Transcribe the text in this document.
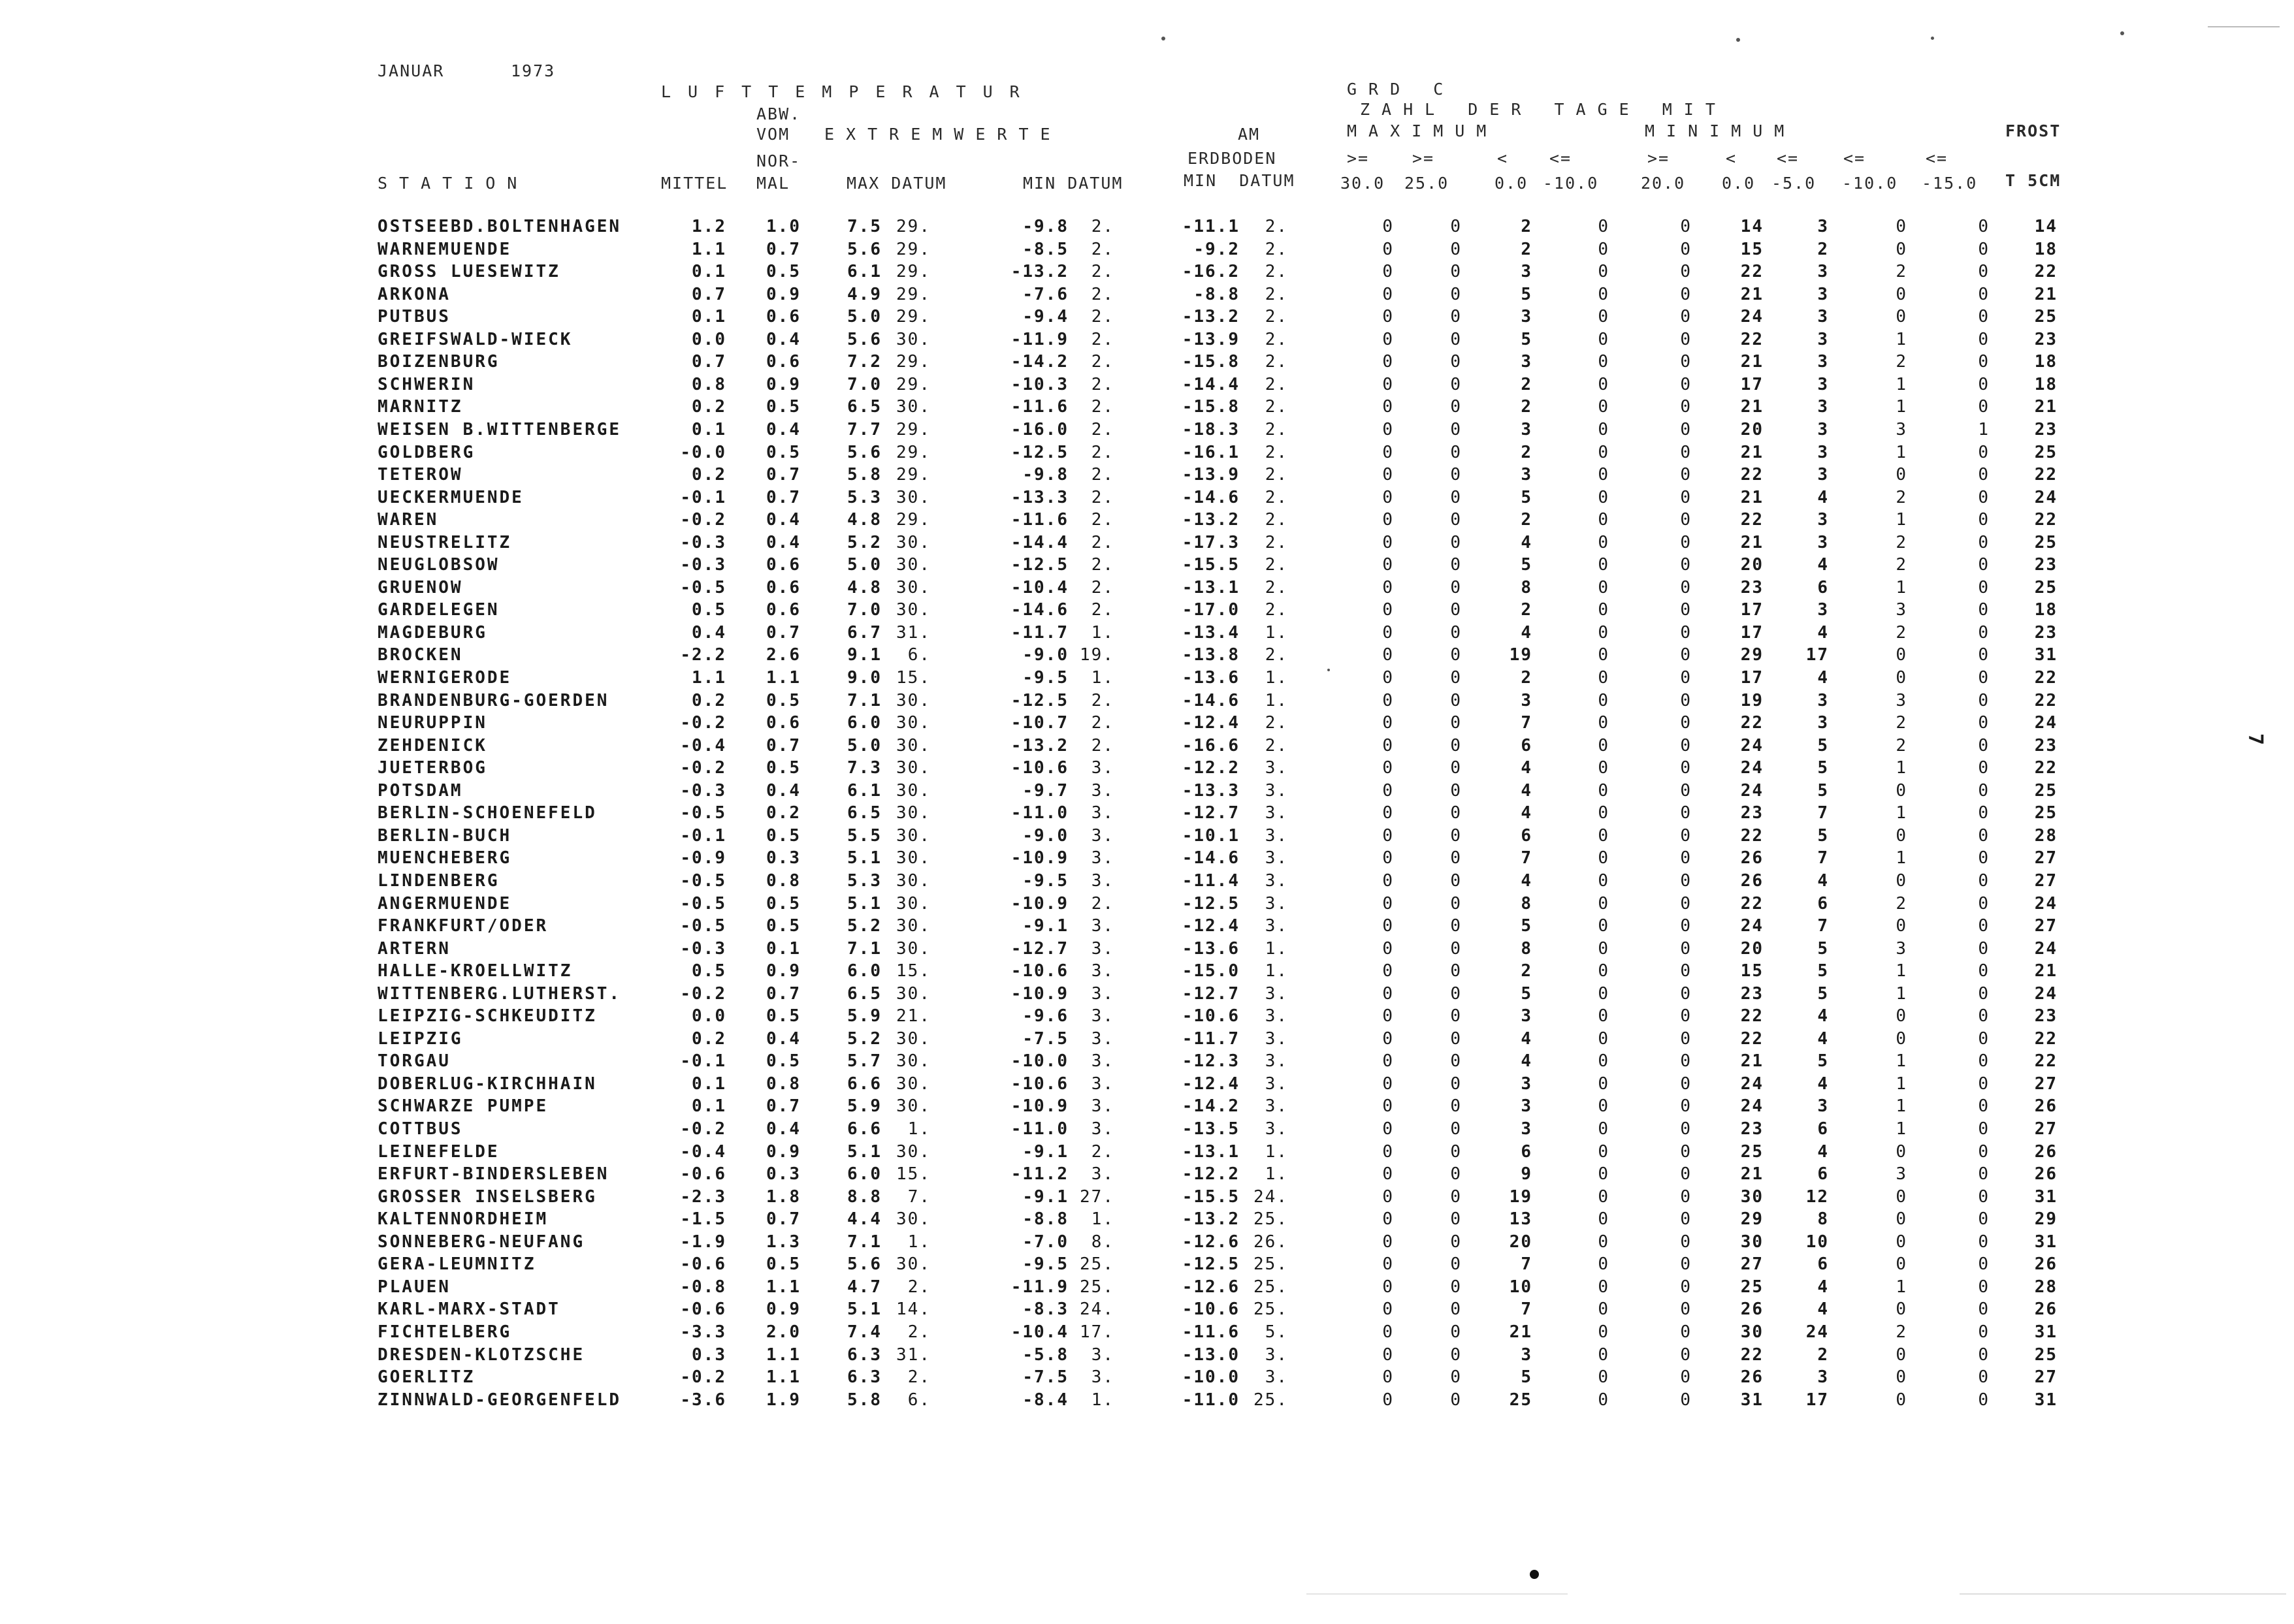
JANUAR	1973
LUFTTEMPERATUR	GRD C
ABW.	ZAHL DER TAGE MIT
VOM EXTREMWERTE	AM	MAXIMUM	MINIMUM	FROST
NOR-	ERDBODEN	>=	>=	<	<=	>=	< <=	<=	<=
STATION	MITTEL MAL	MAX DATUM	MIN DATUM	MIN  DATUM	30.0 25.0	0.0 -10.0	20.0 0.0 -5.0 -10.0 -15.0 T 5CM
OSTSEEBD.BOLTENHAGEN	1.2 1.0	7.5 29.	-9.8 2.	-11.1 2.	0	0	2	0	0	14	3	0	0	14
WARNEMUENDE	1.1 0.7	5.6 29.	-8.5 2.	-9.2 2.	0	0	2	0	0	15	2	0	0	18
GROSS LUESEWITZ	0.1 0.5	6.1 29.	-13.2 2.	-16.2 2.	0	0	3	0	0	22	3	2	0	22
ARKONA	0.7 0.9	4.9 29.	-7.6 2.	-8.8 2.	0	0	5	0	0	21	3	0	0	21
PUTBUS	0.1 0.6	5.0 29.	-9.4 2.	-13.2 2.	0	0	3	0	0	24	3	0	0	25
GREIFSWALD-WIECK	0.0 0.4	5.6 30.	-11.9 2.	-13.9 2.	0	0	5	0	0	22	3	1	0	23
BOIZENBURG	0.7 0.6	7.2 29.	-14.2 2.	-15.8 2.	0	0	3	0	0	21	3	2	0	18
SCHWERIN	0.8 0.9	7.0 29.	-10.3 2.	-14.4 2.	0	0	2	0	0	17	3	1	0	18
MARNITZ	0.2 0.5	6.5 30.	-11.6 2.	-15.8 2.	0	0	2	0	0	21	3	1	0	21
WEISEN B.WITTENBERGE	0.1 0.4	7.7 29.	-16.0 2.	-18.3 2.	0	0	3	0	0	20	3	3	1	23
GOLDBERG	-0.0 0.5	5.6 29.	-12.5 2.	-16.1 2.	0	0	2	0	0	21	3	1	0	25
TETEROW	0.2 0.7	5.8 29.	-9.8 2.	-13.9 2.	0	0	3	0	0	22	3	0	0	22
UECKERMUENDE	-0.1 0.7	5.3 30.	-13.3 2.	-14.6 2.	0	0	5	0	0	21	4	2	0	24
WAREN	-0.2 0.4	4.8 29.	-11.6 2.	-13.2 2.	0	0	2	0	0	22	3	1	0	22
NEUSTRELITZ	-0.3 0.4	5.2 30.	-14.4 2.	-17.3 2.	0	0	4	0	0	21	3	2	0	25
NEUGLOBSOW	-0.3 0.6	5.0 30.	-12.5 2.	-15.5 2.	0	0	5	0	0	20	4	2	0	23
GRUENOW	-0.5 0.6	4.8 30.	-10.4 2.	-13.1 2.	0	0	8	0	0	23	6	1	0	25
GARDELEGEN	0.5 0.6	7.0 30.	-14.6 2.	-17.0 2.	0	0	2	0	0	17	3	3	0	18
MAGDEBURG	0.4 0.7	6.7 31.	-11.7 1.	-13.4 1.	0	0	4	0	0	17	4	2	0	23
BROCKEN	-2.2 2.6	9.1 6.	-9.0 19.	-13.8 2.	0	0	19	0	0	29 17	0	0	31
WERNIGERODE	1.1 1.1	9.0 15.	-9.5 1.	-13.6 1.	0	0	2	0	0	17	4	0	0	22
BRANDENBURG-GOERDEN	0.2 0.5	7.1 30.	-12.5 2.	-14.6 1.	0	0	3	0	0	19	3	3	0	22
NEURUPPIN	-0.2 0.6	6.0 30.	-10.7 2.	-12.4 2.	0	0	7	0	0	22	3	2	0	24
ZEHDENICK	-0.4 0.7	5.0 30.	-13.2 2.	-16.6 2.	0	0	6	0	0	24	5	2	0	23
JUETERBOG	-0.2 0.5	7.3 30.	-10.6 3.	-12.2 3.	0	0	4	0	0	24	5	1	0	22
POTSDAM	-0.3 0.4	6.1 30.	-9.7 3.	-13.3 3.	0	0	4	0	0	24	5	0	0	25
BERLIN-SCHOENEFELD	-0.5 0.2	6.5 30.	-11.0 3.	-12.7 3.	0	0	4	0	0	23	7	1	0	25
BERLIN-BUCH	-0.1 0.5	5.5 30.	-9.0 3.	-10.1 3.	0	0	6	0	0	22	5	0	0	28
MUENCHEBERG	-0.9 0.3	5.1 30.	-10.9 3.	-14.6 3.	0	0	7	0	0	26	7	1	0	27
LINDENBERG	-0.5 0.8	5.3 30.	-9.5 3.	-11.4 3.	0	0	4	0	0	26	4	0	0	27
ANGERMUENDE	-0.5 0.5	5.1 30.	-10.9 2.	-12.5 3.	0	0	8	0	0	22	6	2	0	24
FRANKFURT/ODER	-0.5 0.5	5.2 30.	-9.1 3.	-12.4 3.	0	0	5	0	0	24	7	0	0	27
ARTERN	-0.3 0.1	7.1 30.	-12.7 3.	-13.6 1.	0	0	8	0	0	20	5	3	0	24
HALLE-KROELLWITZ	0.5 0.9	6.0 15.	-10.6 3.	-15.0 1.	0	0	2	0	0	15	5	1	0	21
WITTENBERG.LUTHERST.	-0.2 0.7	6.5 30.	-10.9 3.	-12.7 3.	0	0	5	0	0	23	5	1	0	24
LEIPZIG-SCHKEUDITZ	0.0 0.5	5.9 21.	-9.6 3.	-10.6 3.	0	0	3	0	0	22	4	0	0	23
LEIPZIG	0.2 0.4	5.2 30.	-7.5 3.	-11.7 3.	0	0	4	0	0	22	4	0	0	22
TORGAU	-0.1 0.5	5.7 30.	-10.0 3.	-12.3 3.	0	0	4	0	0	21	5	1	0	22
DOBERLUG-KIRCHHAIN	0.1 0.8	6.6 30.	-10.6 3.	-12.4 3.	0	0	3	0	0	24	4	1	0	27
SCHWARZE PUMPE	0.1 0.7	5.9 30.	-10.9 3.	-14.2 3.	0	0	3	0	0	24	3	1	0	26
COTTBUS	-0.2 0.4	6.6 1.	-11.0 3.	-13.5 3.	0	0	3	0	0	23	6	1	0	27
LEINEFELDE	-0.4 0.9	5.1 30.	-9.1 2.	-13.1 1.	0	0	6	0	0	25	4	0	0	26
ERFURT-BINDERSLEBEN	-0.6 0.3	6.0 15.	-11.2 3.	-12.2 1.	0	0	9	0	0	21	6	3	0	26
GROSSER INSELSBERG	-2.3 1.8	8.8 7.	-9.1 27.	-15.5 24.	0	0	19	0	0	30 12	0	0	31
KALTENNORDHEIM	-1.5 0.7	4.4 30.	-8.8 1.	-13.2 25.	0	0	13	0	0	29	8	0	0	29
SONNEBERG-NEUFANG	-1.9 1.3	7.1 1.	-7.0 8.	-12.6 26.	0	0	20	0	0	30 10	0	0	31
GERA-LEUMNITZ	-0.6 0.5	5.6 30.	-9.5 25.	-12.5 25.	0	0	7	0	0	27	6	0	0	26
PLAUEN	-0.8 1.1	4.7 2.	-11.9 25.	-12.6 25.	0	0	10	0	0	25	4	1	0	28
KARL-MARX-STADT	-0.6 0.9	5.1 14.	-8.3 24.	-10.6 25.	0	0	7	0	0	26	4	0	0	26
FICHTELBERG	-3.3 2.0	7.4 2.	-10.4 17.	-11.6 5.	0	0	21	0	0	30 24	2	0	31
DRESDEN-KLOTZSCHE	0.3 1.1	6.3 31.	-5.8 3.	-13.0 3.	0	0	3	0	0	22	2	0	0	25
GOERLITZ	-0.2 1.1	6.3 2.	-7.5 3.	-10.0 3.	0	0	5	0	0	26	3	0	0	27
ZINNWALD-GEORGENFELD	-3.6 1.9	5.8 6.	-8.4 1.	-11.0 25.	0	0	25	0	0	31 17	0	0	31
7
